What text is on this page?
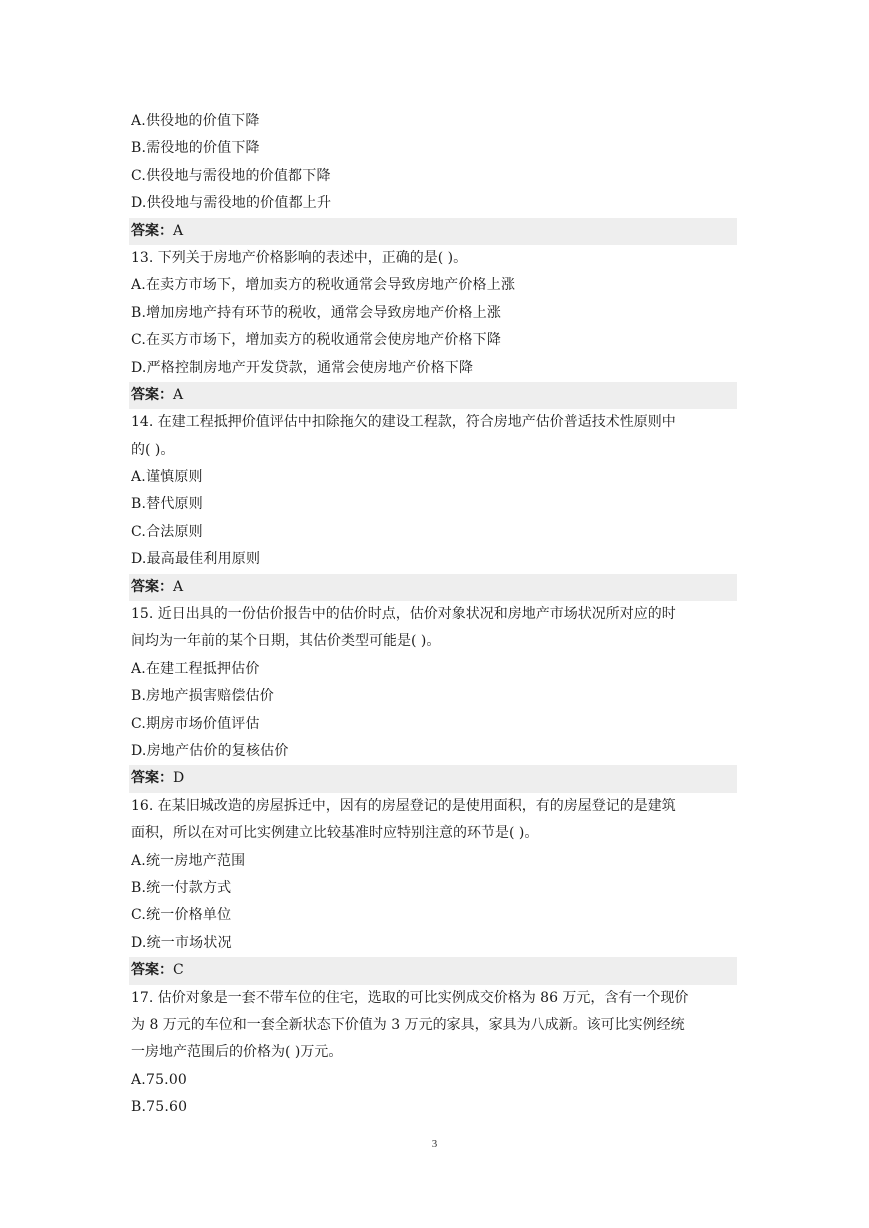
A.供役地的价值下降
B.需役地的价值下降
C.供役地与需役地的价值都下降
D.供役地与需役地的价值都上升
答案：A
13. 下列关于房地产价格影响的表述中，正确的是( )。
A.在卖方市场下，增加卖方的税收通常会导致房地产价格上涨
B.增加房地产持有环节的税收，通常会导致房地产价格上涨
C.在买方市场下，增加卖方的税收通常会使房地产价格下降
D.严格控制房地产开发贷款，通常会使房地产价格下降
答案：A
14. 在建工程抵押价值评估中扣除拖欠的建设工程款，符合房地产估价普适技术性原则中
的( )。
A.谨慎原则
B.替代原则
C.合法原则
D.最高最佳利用原则
答案：A
15. 近日出具的一份估价报告中的估价时点，估价对象状况和房地产市场状况所对应的时
间均为一年前的某个日期，其估价类型可能是( )。
A.在建工程抵押估价
B.房地产损害赔偿估价
C.期房市场价值评估
D.房地产估价的复核估价
答案：D
16. 在某旧城改造的房屋拆迁中，因有的房屋登记的是使用面积，有的房屋登记的是建筑
面积，所以在对可比实例建立比较基准时应特别注意的环节是( )。
A.统一房地产范围
B.统一付款方式
C.统一价格单位
D.统一市场状况
答案：C
17. 估价对象是一套不带车位的住宅，选取的可比实例成交价格为 86 万元，含有一个现价
为 8 万元的车位和一套全新状态下价值为 3 万元的家具，家具为八成新。该可比实例经统
一房地产范围后的价格为( )万元。
A.75.00
B.75.60
3
